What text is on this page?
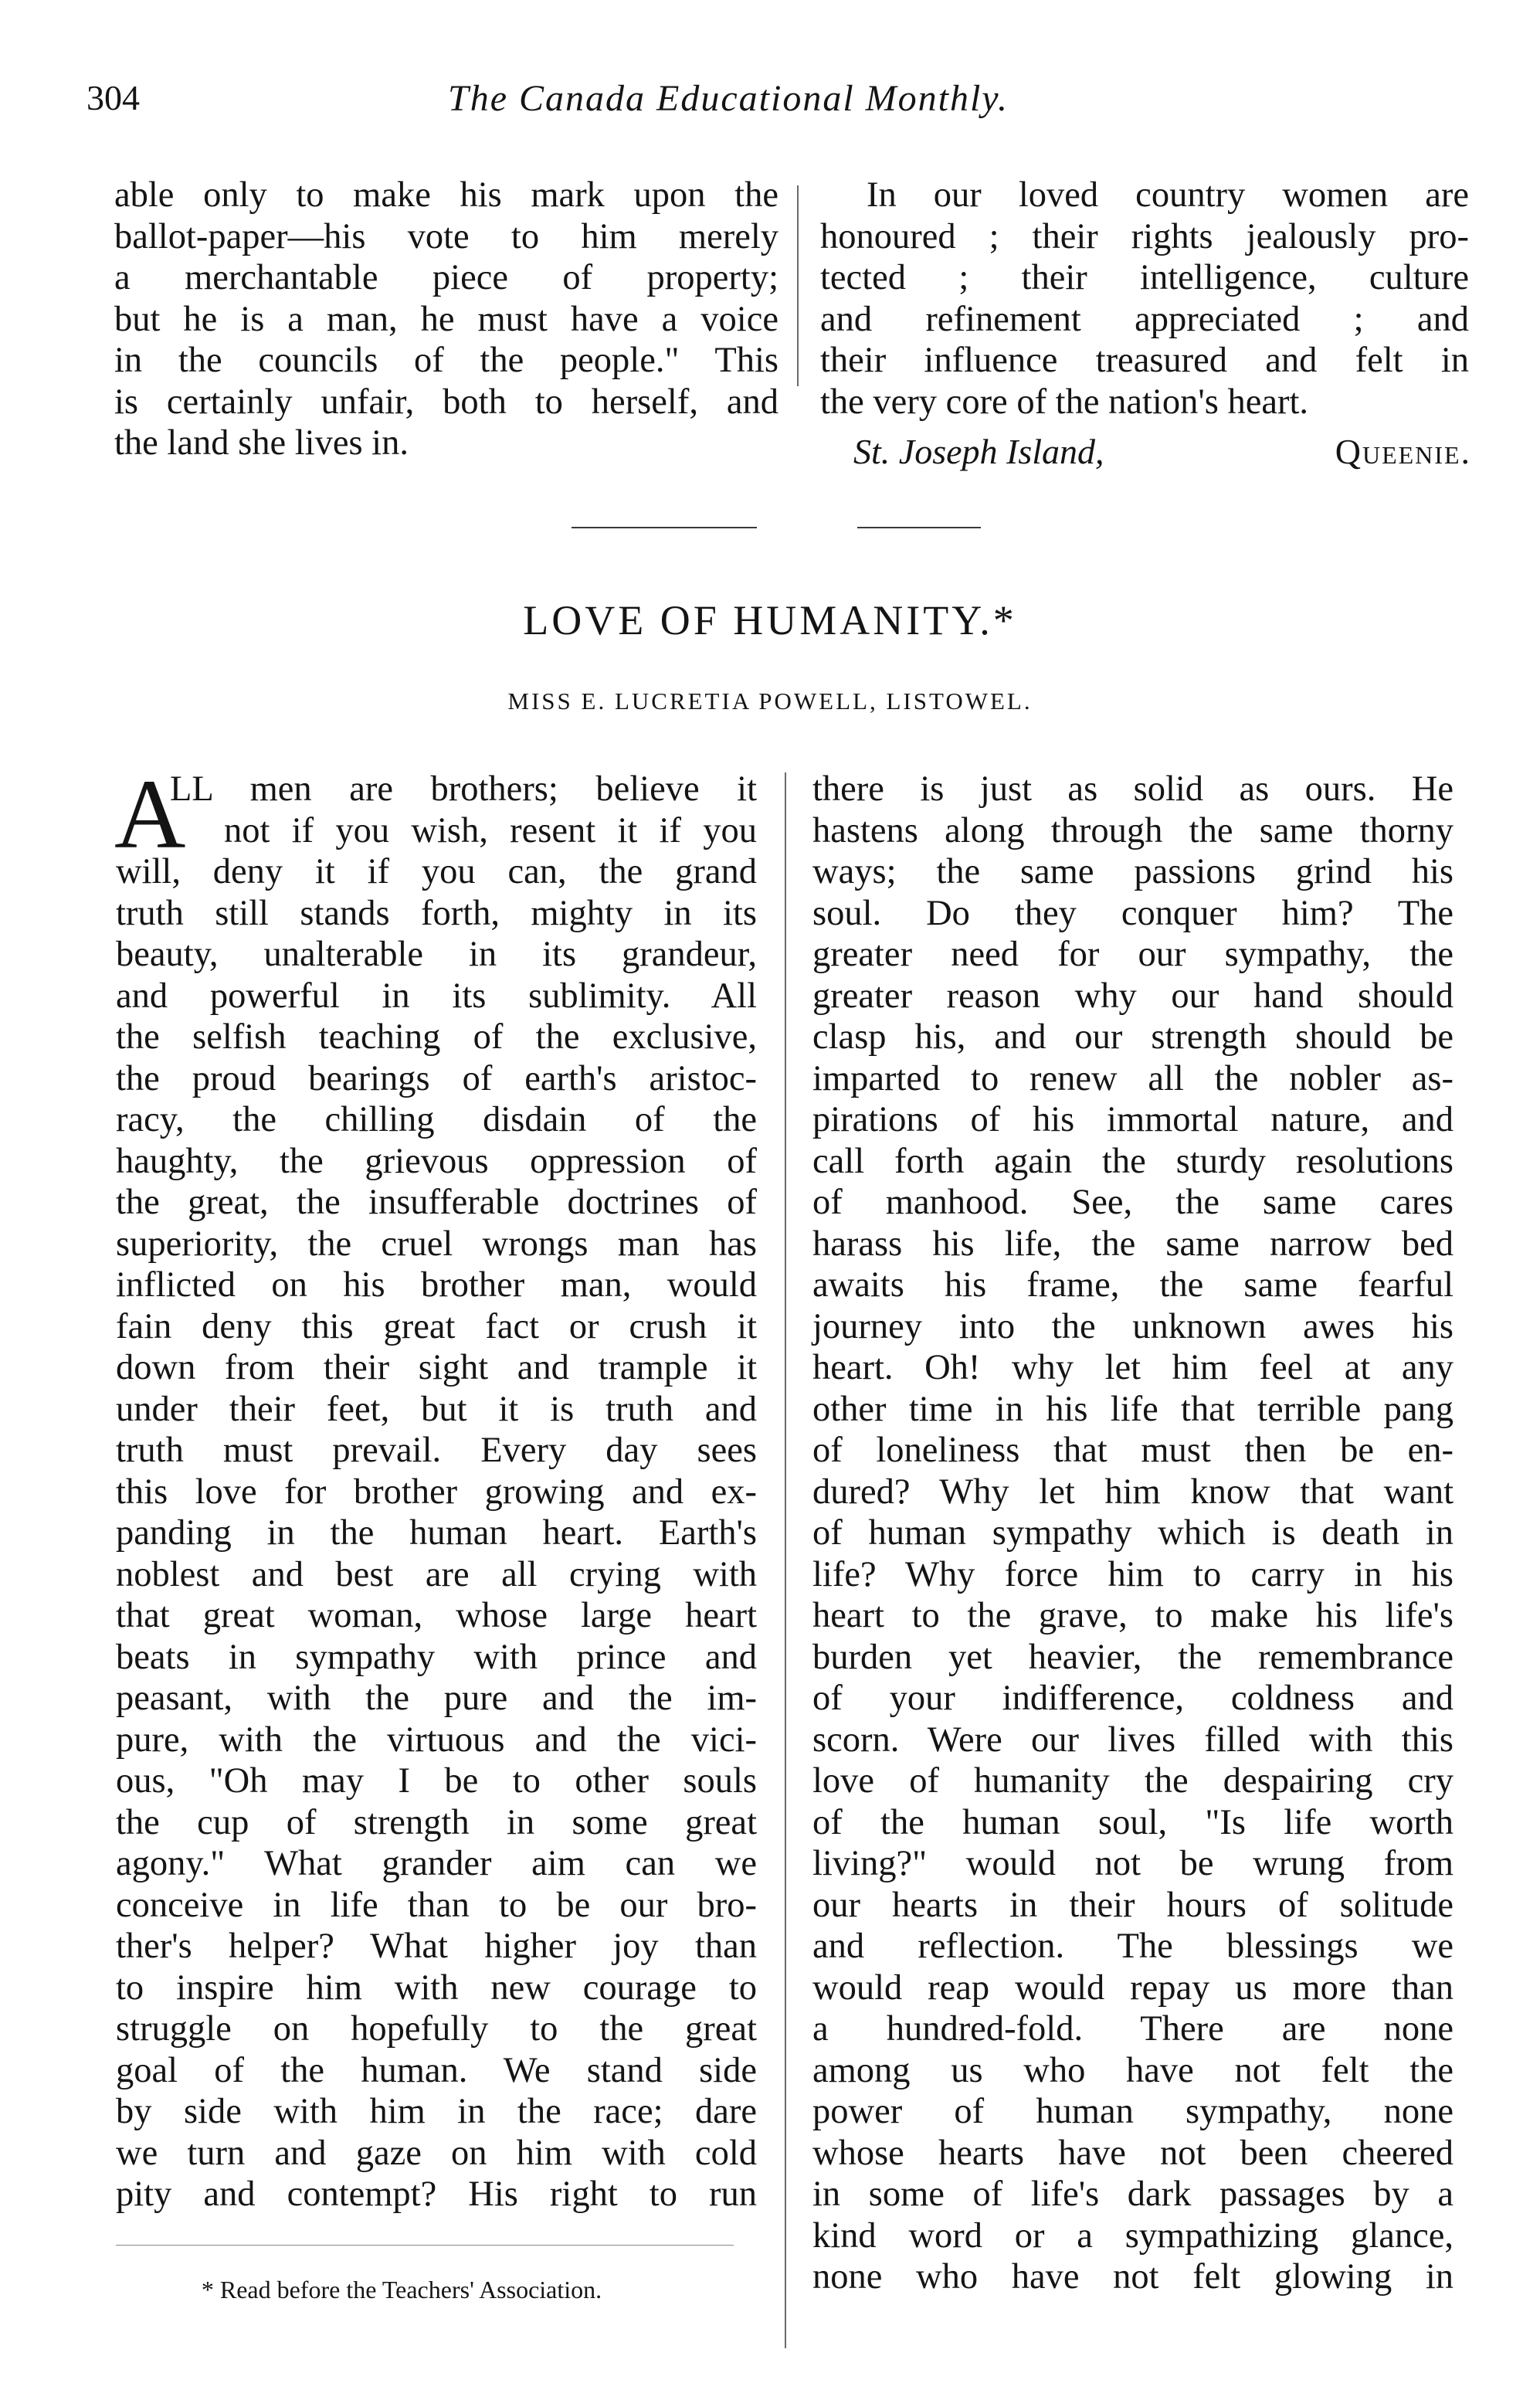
304	The Canada Educational Monthly.
able only to make his mark upon the
ballot-paper—his vote to him merely
a merchantable piece of property;
but he is a man, he must have a voice
in the councils of the people." This
is certainly unfair, both to herself, and
the land she lives in.
In our loved country women are
honoured ; their rights jealously pro-
tected ; their intelligence, culture
and refinement appreciated ; and
their influence treasured and felt in
the very core of the nation's heart.
St. Joseph Island,	Queenie.
LOVE OF HUMANITY.*
MISS E. LUCRETIA POWELL, LISTOWEL.
A
LL men are brothers; believe it
not if you wish, resent it if you
will, deny it if you can, the grand
truth still stands forth, mighty in its
beauty, unalterable in its grandeur,
and powerful in its sublimity. All
the selfish teaching of the exclusive,
the proud bearings of earth's aristoc-
racy, the chilling disdain of the
haughty, the grievous oppression of
the great, the insufferable doctrines of
superiority, the cruel wrongs man has
inflicted on his brother man, would
fain deny this great fact or crush it
down from their sight and trample it
under their feet, but it is truth and
truth must prevail. Every day sees
this love for brother growing and ex-
panding in the human heart. Earth's
noblest and best are all crying with
that great woman, whose large heart
beats in sympathy with prince and
peasant, with the pure and the im-
pure, with the virtuous and the vici-
ous, "Oh may I be to other souls
the cup of strength in some great
agony." What grander aim can we
conceive in life than to be our bro-
ther's helper? What higher joy than
to inspire him with new courage to
struggle on hopefully to the great
goal of the human. We stand side
by side with him in the race; dare
we turn and gaze on him with cold
pity and contempt? His right to run
there is just as solid as ours. He
hastens along through the same thorny
ways; the same passions grind his
soul. Do they conquer him? The
greater need for our sympathy, the
greater reason why our hand should
clasp his, and our strength should be
imparted to renew all the nobler as-
pirations of his immortal nature, and
call forth again the sturdy resolutions
of manhood. See, the same cares
harass his life, the same narrow bed
awaits his frame, the same fearful
journey into the unknown awes his
heart. Oh! why let him feel at any
other time in his life that terrible pang
of loneliness that must then be en-
dured? Why let him know that want
of human sympathy which is death in
life? Why force him to carry in his
heart to the grave, to make his life's
burden yet heavier, the remembrance
of your indifference, coldness and
scorn. Were our lives filled with this
love of humanity the despairing cry
of the human soul, "Is life worth
living?" would not be wrung from
our hearts in their hours of solitude
and reflection. The blessings we
would reap would repay us more than
a hundred-fold. There are none
among us who have not felt the
power of human sympathy, none
whose hearts have not been cheered
in some of life's dark passages by a
kind word or a sympathizing glance,
none who have not felt glowing in
* Read before the Teachers' Association.
